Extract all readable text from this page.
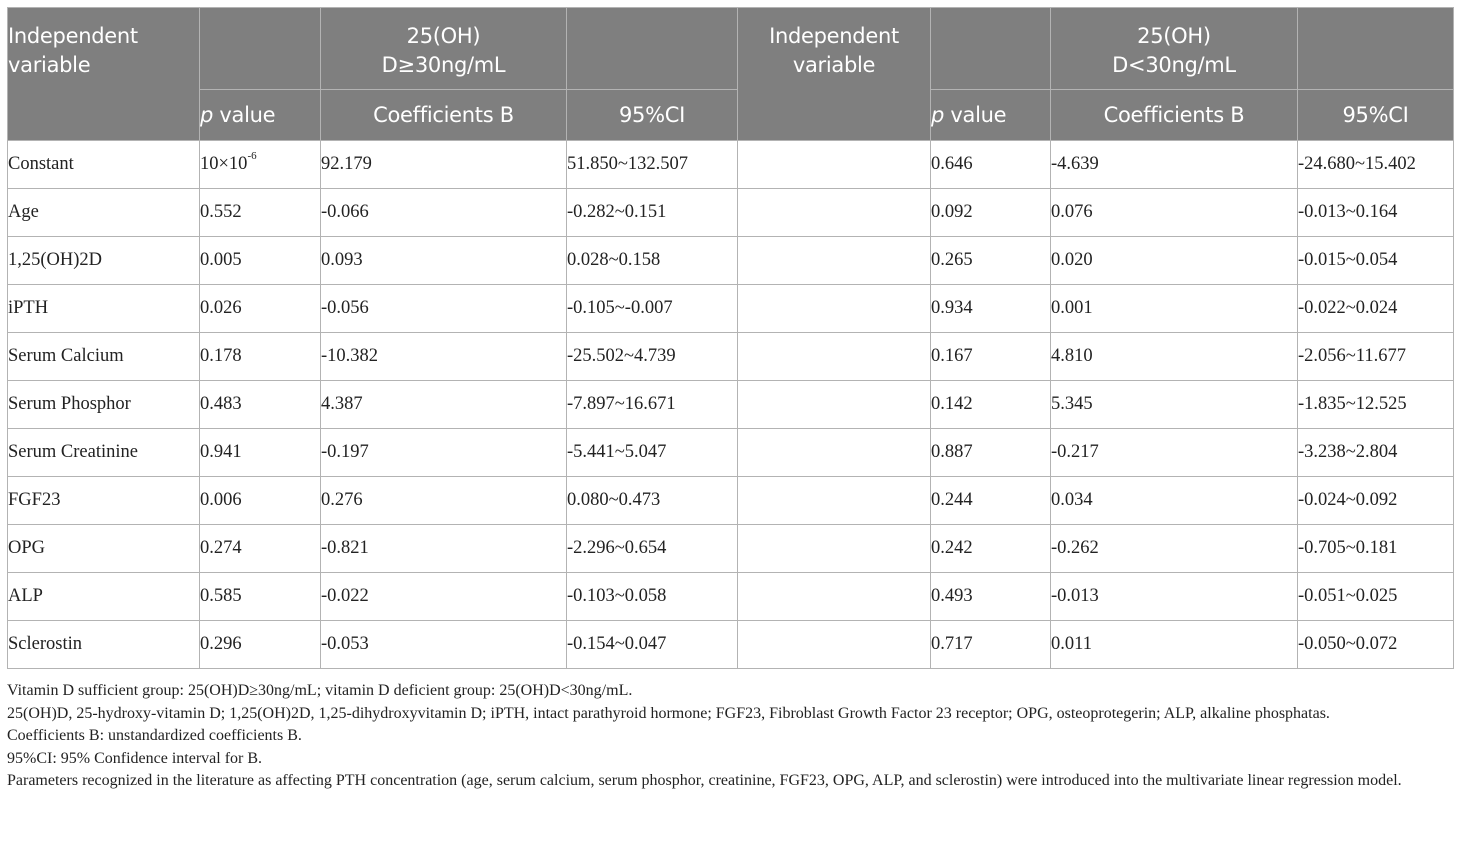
Independent variable		25(OH) D≥30ng/mL		Independent variable		25(OH) D<30ng/mL	

	p value	Coefficients B	95%CI		p value	Coefficients B	95%CI
Constant	$10\times 10^{-6}$	92.179	51.850~132.507		0.646	-4.639	-24.680~15.402
Age	0.552	-0.066	-0.282~0.151		0.092	0.076	-0.013~0.164
1,25(OH)2D	0.005	0.093	0.028~0.158		0.265	0.020	-0.015~0.054
iPTH	0.026	-0.056	-0.105~-0.007		0.934	0.001	-0.022~0.024
Serum Calcium	0.178	-10.382	-25.502~4.739		0.167	4.810	-2.056~11.677
Serum Phosphor	0.483	4.387	-7.897~16.671		0.142	5.345	-1.835~12.525
Serum Creatinine	0.941	-0.197	-5.441~5.047		0.887	-0.217	-3.238~2.804
FGF23	0.006	0.276	0.080~0.473		0.244	0.034	-0.024~0.092
OPG	0.274	-0.821	-2.296~0.654		0.242	-0.262	-0.705~0.181
ALP	0.585	-0.022	-0.103~0.058		0.493	-0.013	-0.051~0.025
Sclerostin	0.296	-0.053	-0.154~0.047		0.717	0.011	-0.050~0.072

Vitamin D sufficient group: 25(OH)D≥30ng/mL; vitamin D deficient group: 25(OH)D<30ng/mL.

25(OH)D, 25-hydroxy-vitamin D; 1,25(OH)2D, 1,25-dihydroxyvitamin D; iPTH, intact parathyroid hormone; FGF23, Fibroblast Growth Factor 23 receptor; OPG, osteoprotegerin; ALP, alkaline phosphatas.

Coefficients B: unstandardized coefficients B.

95%CI: 95% Confidence interval for B.

Parameters recognized in the literature as affecting PTH concentration (age, serum calcium, serum phosphor, creatinine, FGF23, OPG, ALP, and sclerostin) were introduced into the multivariate linear regression model.
